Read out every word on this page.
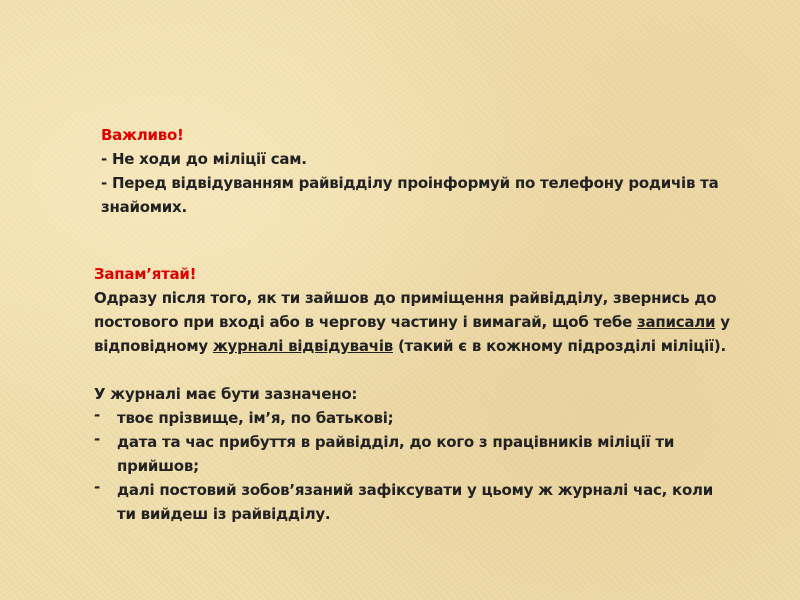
Важливо!
- Не ходи до міліції сам.
- Перед відвідуванням райвідділу проінформуй по телефону родичів та
знайомих.
Запам’ятай!
Одразу після того, як ти зайшов до приміщення райвідділу, звернись до
постового при вході або в чергову частину і вимагай, щоб тебе записали у
відповідному журналі відвідувачів (такий є в кожному підрозділі міліції).
У журналі має бути зазначено:
- твоє прізвище, ім’я, по батькові;
- дата та час прибуття в райвідділ, до кого з працівників міліції ти
прийшов;
- далі постовий зобов’язаний зафіксувати у цьому ж журналі час, коли
ти вийдеш із райвідділу.
